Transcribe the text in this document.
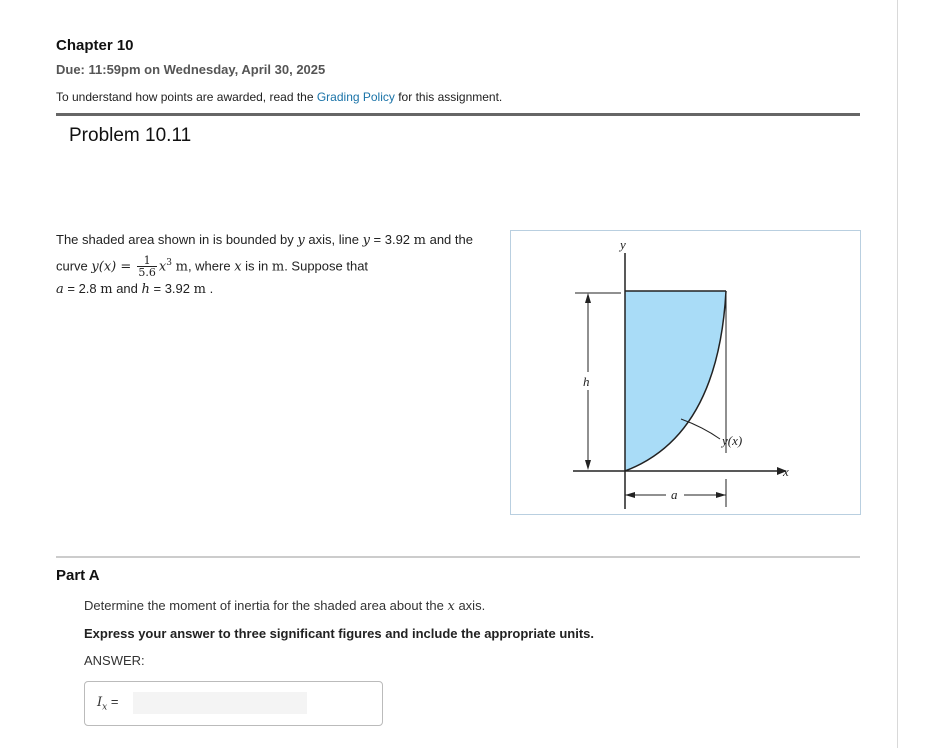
Chapter 10
Due: 11:59pm on Wednesday, April 30, 2025
To understand how points are awarded, read the Grading Policy for this assignment.
Problem 10.11
The shaded area shown in is bounded by y axis, line y = 3.92 m and the curve $y(x) = \frac{1}{5.6} x^3$ m, where x is in m. Suppose that
a = 2.8 m and h = 3.92 m .
y
x
h
a
y(x)
Part A
Determine the moment of inertia for the shaded area about the x axis.
Express your answer to three significant figures and include the appropriate units.
ANSWER:
$I_x$ =
